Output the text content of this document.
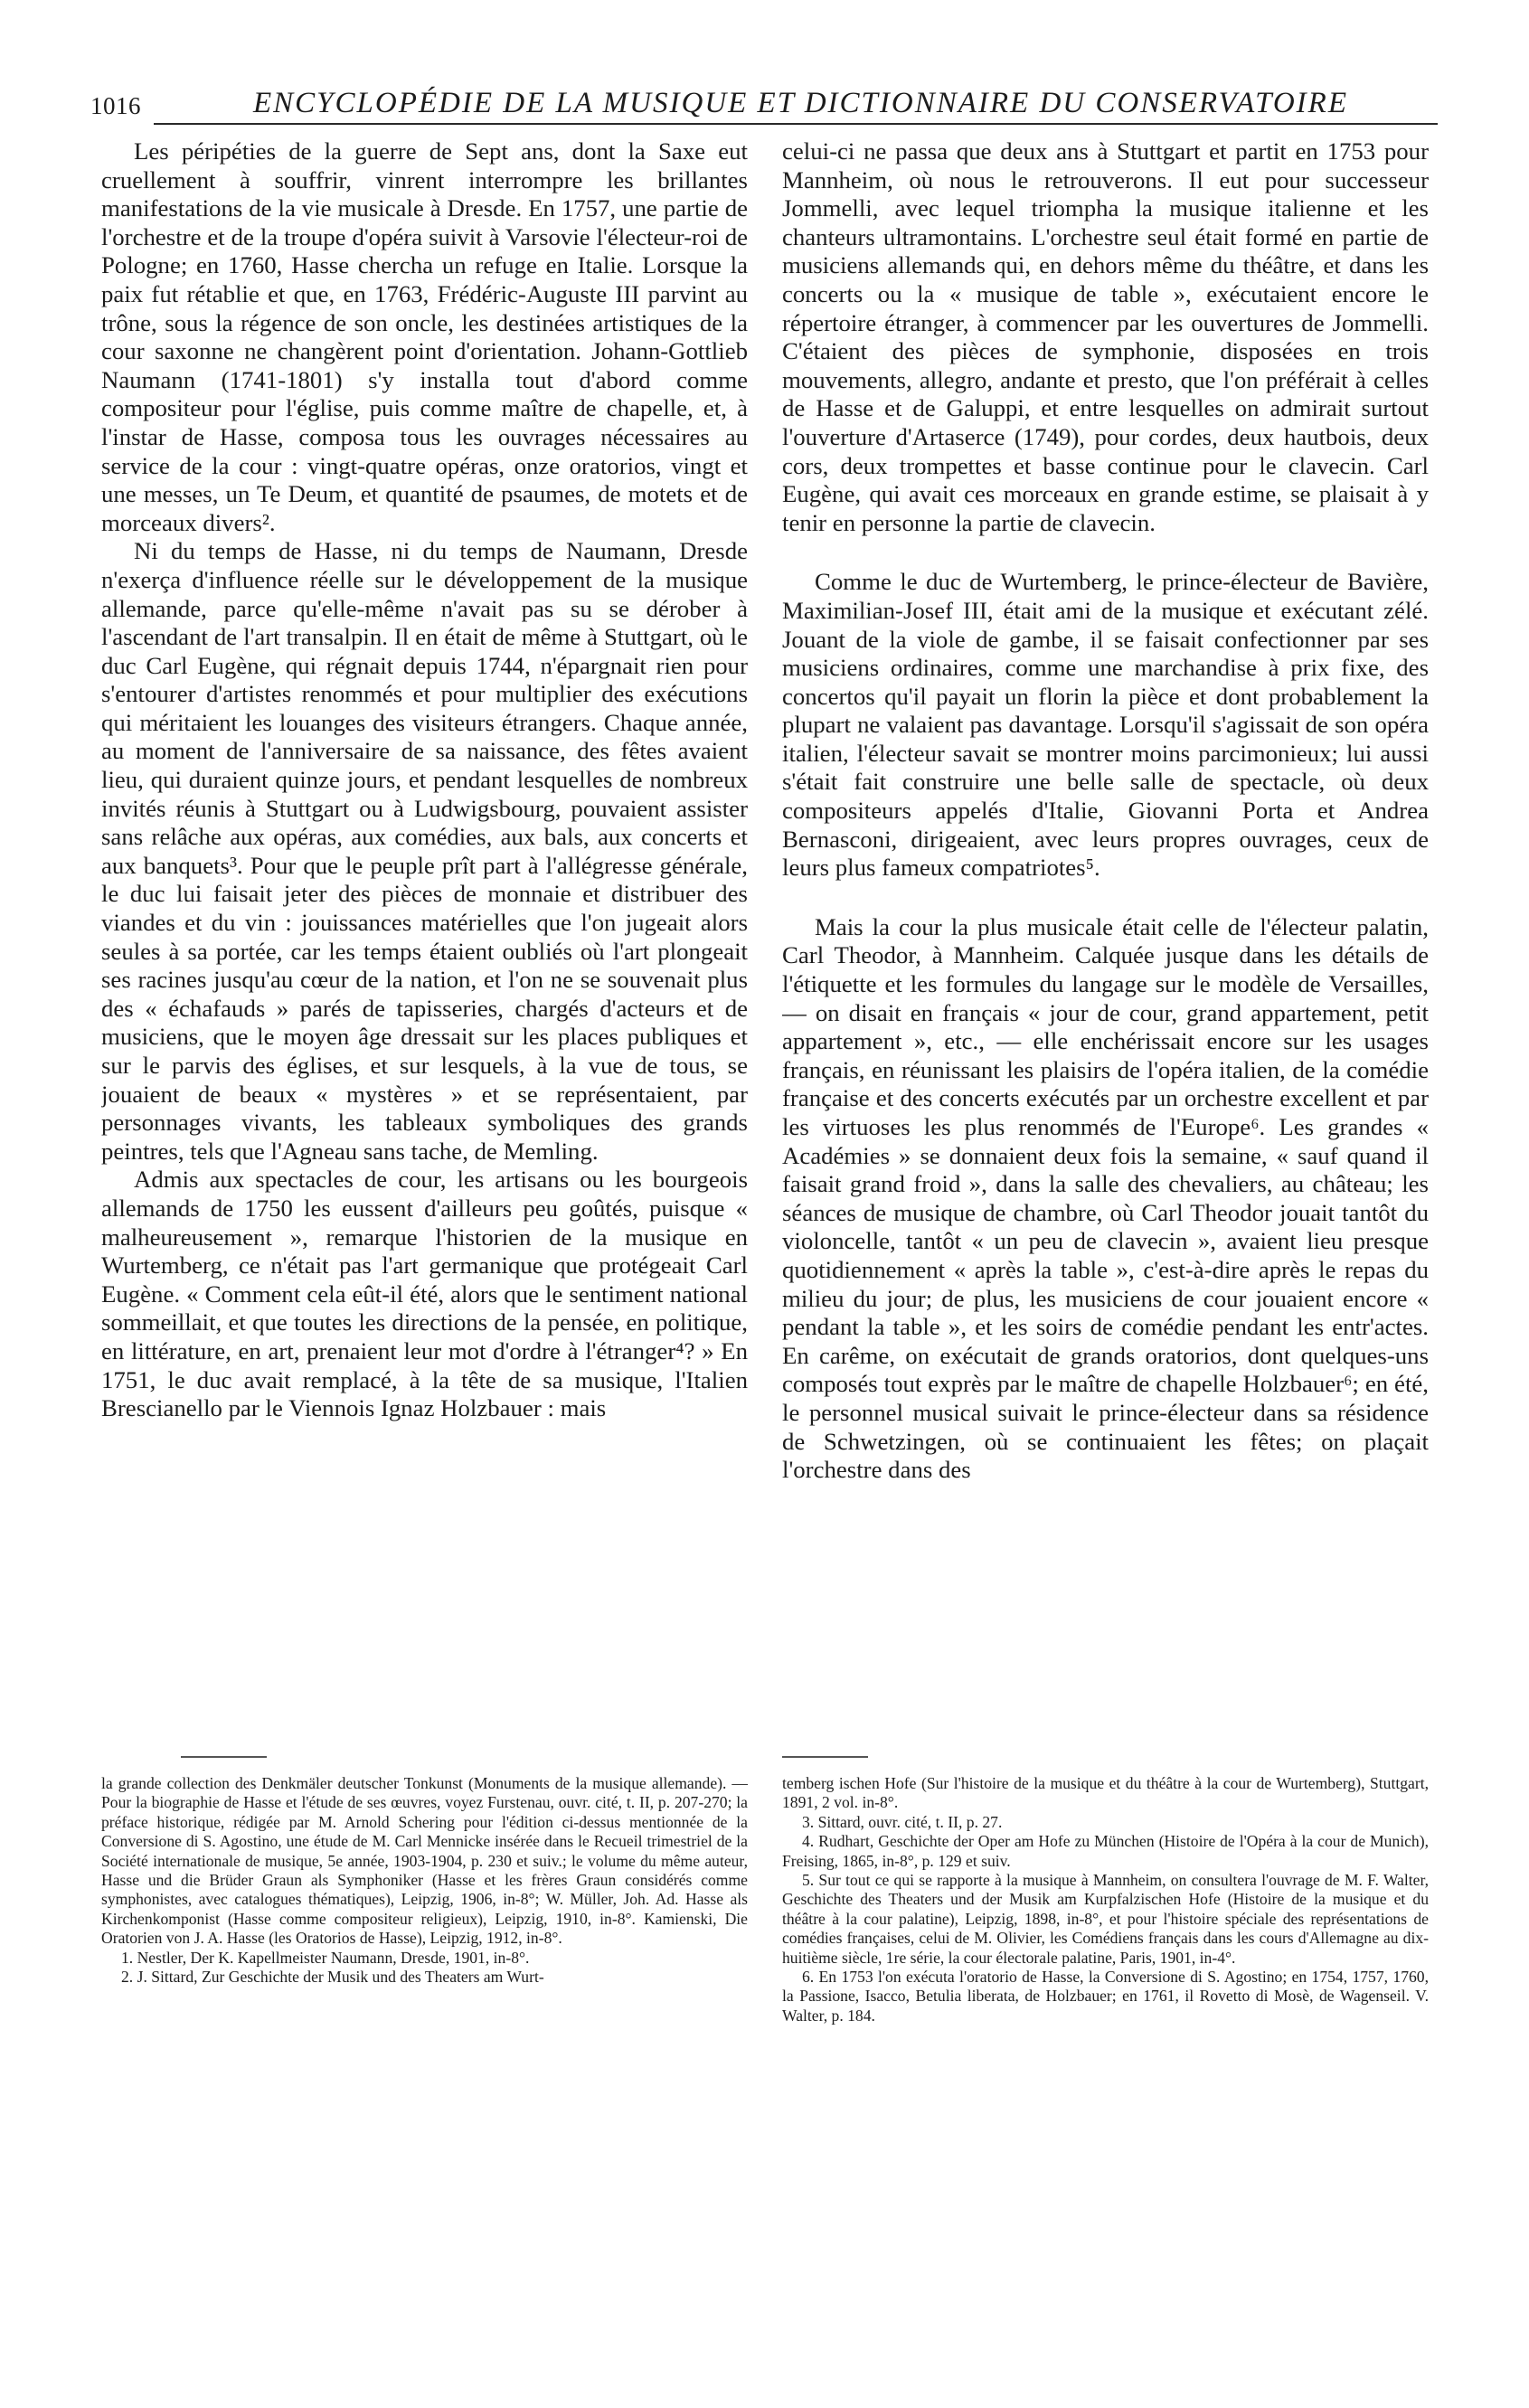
1016	ENCYCLOPÉDIE DE LA MUSIQUE ET DICTIONNAIRE DU CONSERVATOIRE

Les péripéties de la guerre de Sept ans, dont la Saxe eut cruellement à souffrir, vinrent interrompre les brillantes manifestations de la vie musicale à Dresde. En 1757, une partie de l'orchestre et de la troupe d'opéra suivit à Varsovie l'électeur-roi de Pologne; en 1760, Hasse chercha un refuge en Italie. Lorsque la paix fut rétablie et que, en 1763, Frédéric-Auguste III parvint au trône, sous la régence de son oncle, les destinées artistiques de la cour saxonne ne changèrent point d'orientation. Johann-Gottlieb Naumann (1741-1801) s'y installa tout d'abord comme compositeur pour l'église, puis comme maître de chapelle, et, à l'instar de Hasse, composa tous les ouvrages nécessaires au service de la cour : vingt-quatre opéras, onze oratorios, vingt et une messes, un Te Deum, et quantité de psaumes, de motets et de morceaux divers².

Ni du temps de Hasse, ni du temps de Naumann, Dresde n'exerça d'influence réelle sur le développement de la musique allemande, parce qu'elle-même n'avait pas su se dérober à l'ascendant de l'art transalpin. Il en était de même à Stuttgart, où le duc Carl Eugène, qui régnait depuis 1744, n'épargnait rien pour s'entourer d'artistes renommés et pour multiplier des exécutions qui méritaient les louanges des visiteurs étrangers. Chaque année, au moment de l'anniversaire de sa naissance, des fêtes avaient lieu, qui duraient quinze jours, et pendant lesquelles de nombreux invités réunis à Stuttgart ou à Ludwigsbourg, pouvaient assister sans relâche aux opéras, aux comédies, aux bals, aux concerts et aux banquets³. Pour que le peuple prît part à l'allégresse générale, le duc lui faisait jeter des pièces de monnaie et distribuer des viandes et du vin : jouissances matérielles que l'on jugeait alors seules à sa portée, car les temps étaient oubliés où l'art plongeait ses racines jusqu'au cœur de la nation, et l'on ne se souvenait plus des « échafauds » parés de tapisseries, chargés d'acteurs et de musiciens, que le moyen âge dressait sur les places publiques et sur le parvis des églises, et sur lesquels, à la vue de tous, se jouaient de beaux « mystères » et se représentaient, par personnages vivants, les tableaux symboliques des grands peintres, tels que l'Agneau sans tache, de Memling.

Admis aux spectacles de cour, les artisans ou les bourgeois allemands de 1750 les eussent d'ailleurs peu goûtés, puisque « malheureusement », remarque l'historien de la musique en Wurtemberg, ce n'était pas l'art germanique que protégeait Carl Eugène. « Comment cela eût-il été, alors que le sentiment national sommeillait, et que toutes les directions de la pensée, en politique, en littérature, en art, prenaient leur mot d'ordre à l'étranger⁴? » En 1751, le duc avait remplacé, à la tête de sa musique, l'Italien Brescianello par le Viennois Ignaz Holzbauer : mais

celui-ci ne passa que deux ans à Stuttgart et partit en 1753 pour Mannheim, où nous le retrouverons. Il eut pour successeur Jommelli, avec lequel triompha la musique italienne et les chanteurs ultramontains. L'orchestre seul était formé en partie de musiciens allemands qui, en dehors même du théâtre, et dans les concerts ou la « musique de table », exécutaient encore le répertoire étranger, à commencer par les ouvertures de Jommelli. C'étaient des pièces de symphonie, disposées en trois mouvements, allegro, andante et presto, que l'on préférait à celles de Hasse et de Galuppi, et entre lesquelles on admirait surtout l'ouverture d'Artaserce (1749), pour cordes, deux hautbois, deux cors, deux trompettes et basse continue pour le clavecin. Carl Eugène, qui avait ces morceaux en grande estime, se plaisait à y tenir en personne la partie de clavecin.

Comme le duc de Wurtemberg, le prince-électeur de Bavière, Maximilian-Josef III, était ami de la musique et exécutant zélé. Jouant de la viole de gambe, il se faisait confectionner par ses musiciens ordinaires, comme une marchandise à prix fixe, des concertos qu'il payait un florin la pièce et dont probablement la plupart ne valaient pas davantage. Lorsqu'il s'agissait de son opéra italien, l'électeur savait se montrer moins parcimonieux; lui aussi s'était fait construire une belle salle de spectacle, où deux compositeurs appelés d'Italie, Giovanni Porta et Andrea Bernasconi, dirigeaient, avec leurs propres ouvrages, ceux de leurs plus fameux compatriotes⁵.

Mais la cour la plus musicale était celle de l'électeur palatin, Carl Theodor, à Mannheim. Calquée jusque dans les détails de l'étiquette et les formules du langage sur le modèle de Versailles, — on disait en français « jour de cour, grand appartement, petit appartement », etc., — elle enchérissait encore sur les usages français, en réunissant les plaisirs de l'opéra italien, de la comédie française et des concerts exécutés par un orchestre excellent et par les virtuoses les plus renommés de l'Europe⁶. Les grandes « Académies » se donnaient deux fois la semaine, « sauf quand il faisait grand froid », dans la salle des chevaliers, au château; les séances de musique de chambre, où Carl Theodor jouait tantôt du violoncelle, tantôt « un peu de clavecin », avaient lieu presque quotidiennement « après la table », c'est-à-dire après le repas du milieu du jour; de plus, les musiciens de cour jouaient encore « pendant la table », et les soirs de comédie pendant les entr'actes. En carême, on exécutait de grands oratorios, dont quelques-uns composés tout exprès par le maître de chapelle Holzbauer⁶; en été, le personnel musical suivait le prince-électeur dans sa résidence de Schwetzingen, où se continuaient les fêtes; on plaçait l'orchestre dans des

la grande collection des Denkmäler deutscher Tonkunst (Monuments de la musique allemande). — Pour la biographie de Hasse et l'étude de ses œuvres, voyez Furstenau, ouvr. cité, t. II, p. 207-270; la préface historique, rédigée par M. Arnold Schering pour l'édition ci-dessus mentionnée de la Conversione di S. Agostino, une étude de M. Carl Mennicke insérée dans le Recueil trimestriel de la Société internationale de musique, 5e année, 1903-1904, p. 230 et suiv.; le volume du même auteur, Hasse und die Brüder Graun als Symphoniker (Hasse et les frères Graun considérés comme symphonistes, avec catalogues thématiques), Leipzig, 1906, in-8°; W. Müller, Joh. Ad. Hasse als Kirchenkomponist (Hasse comme compositeur religieux), Leipzig, 1910, in-8°. Kamienski, Die Oratorien von J. A. Hasse (les Oratorios de Hasse), Leipzig, 1912, in-8°.

1. Nestler, Der K. Kapellmeister Naumann, Dresde, 1901, in-8°.

2. J. Sittard, Zur Geschichte der Musik und des Theaters am Wurt-

temberg ischen Hofe (Sur l'histoire de la musique et du théâtre à la cour de Wurtemberg), Stuttgart, 1891, 2 vol. in-8°.

3. Sittard, ouvr. cité, t. II, p. 27.

4. Rudhart, Geschichte der Oper am Hofe zu München (Histoire de l'Opéra à la cour de Munich), Freising, 1865, in-8°, p. 129 et suiv.

5. Sur tout ce qui se rapporte à la musique à Mannheim, on consultera l'ouvrage de M. F. Walter, Geschichte des Theaters und der Musik am Kurpfalzischen Hofe (Histoire de la musique et du théâtre à la cour palatine), Leipzig, 1898, in-8°, et pour l'histoire spéciale des représentations de comédies françaises, celui de M. Olivier, les Comédiens français dans les cours d'Allemagne au dix-huitième siècle, 1re série, la cour électorale palatine, Paris, 1901, in-4°.

6. En 1753 l'on exécuta l'oratorio de Hasse, la Conversione di S. Agostino; en 1754, 1757, 1760, la Passione, Isacco, Betulia liberata, de Holzbauer; en 1761, il Rovetto di Mosè, de Wagenseil. V. Walter, p. 184.
